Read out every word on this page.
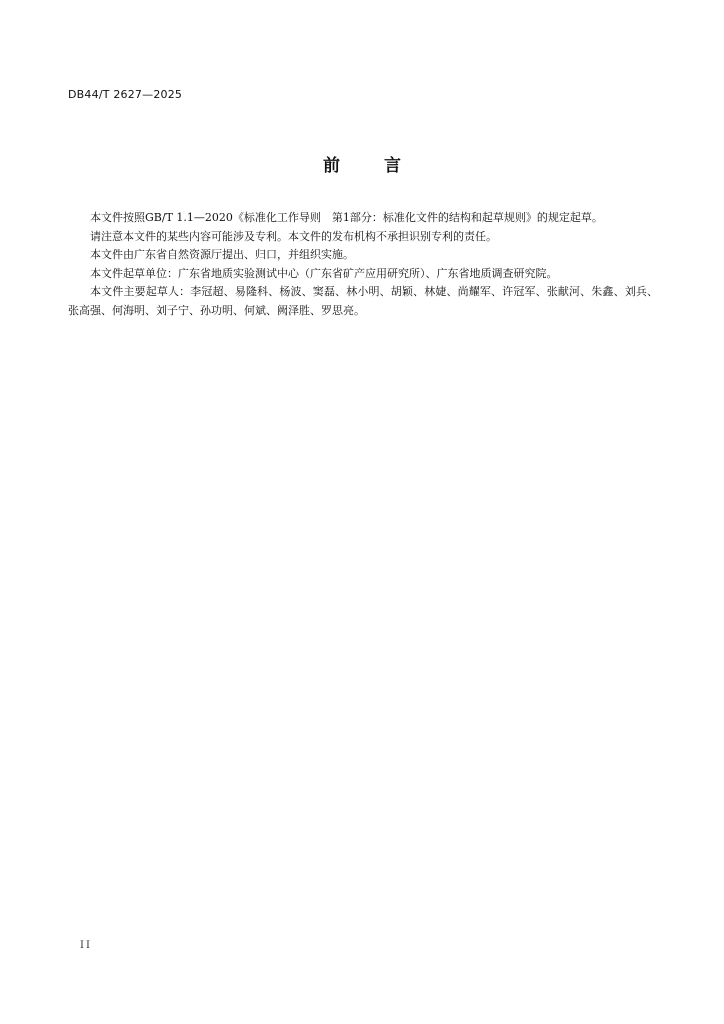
DB44/T 2627—2025
前	言

本文件按照GB/T 1.1—2020《标准化工作导则　第1部分：标准化文件的结构和起草规则》的规定起草。

请注意本文件的某些内容可能涉及专利。本文件的发布机构不承担识别专利的责任。

本文件由广东省自然资源厅提出、归口，并组织实施。

本文件起草单位：广东省地质实验测试中心（广东省矿产应用研究所）、广东省地质调查研究院。

本文件主要起草人：李冠超、易隆科、杨波、窦磊、林小明、胡颖、林婕、尚耀军、许冠军、张献河、朱鑫、刘兵、张高强、何海明、刘子宁、孙功明、何斌、阙泽胜、罗思亮。

II
